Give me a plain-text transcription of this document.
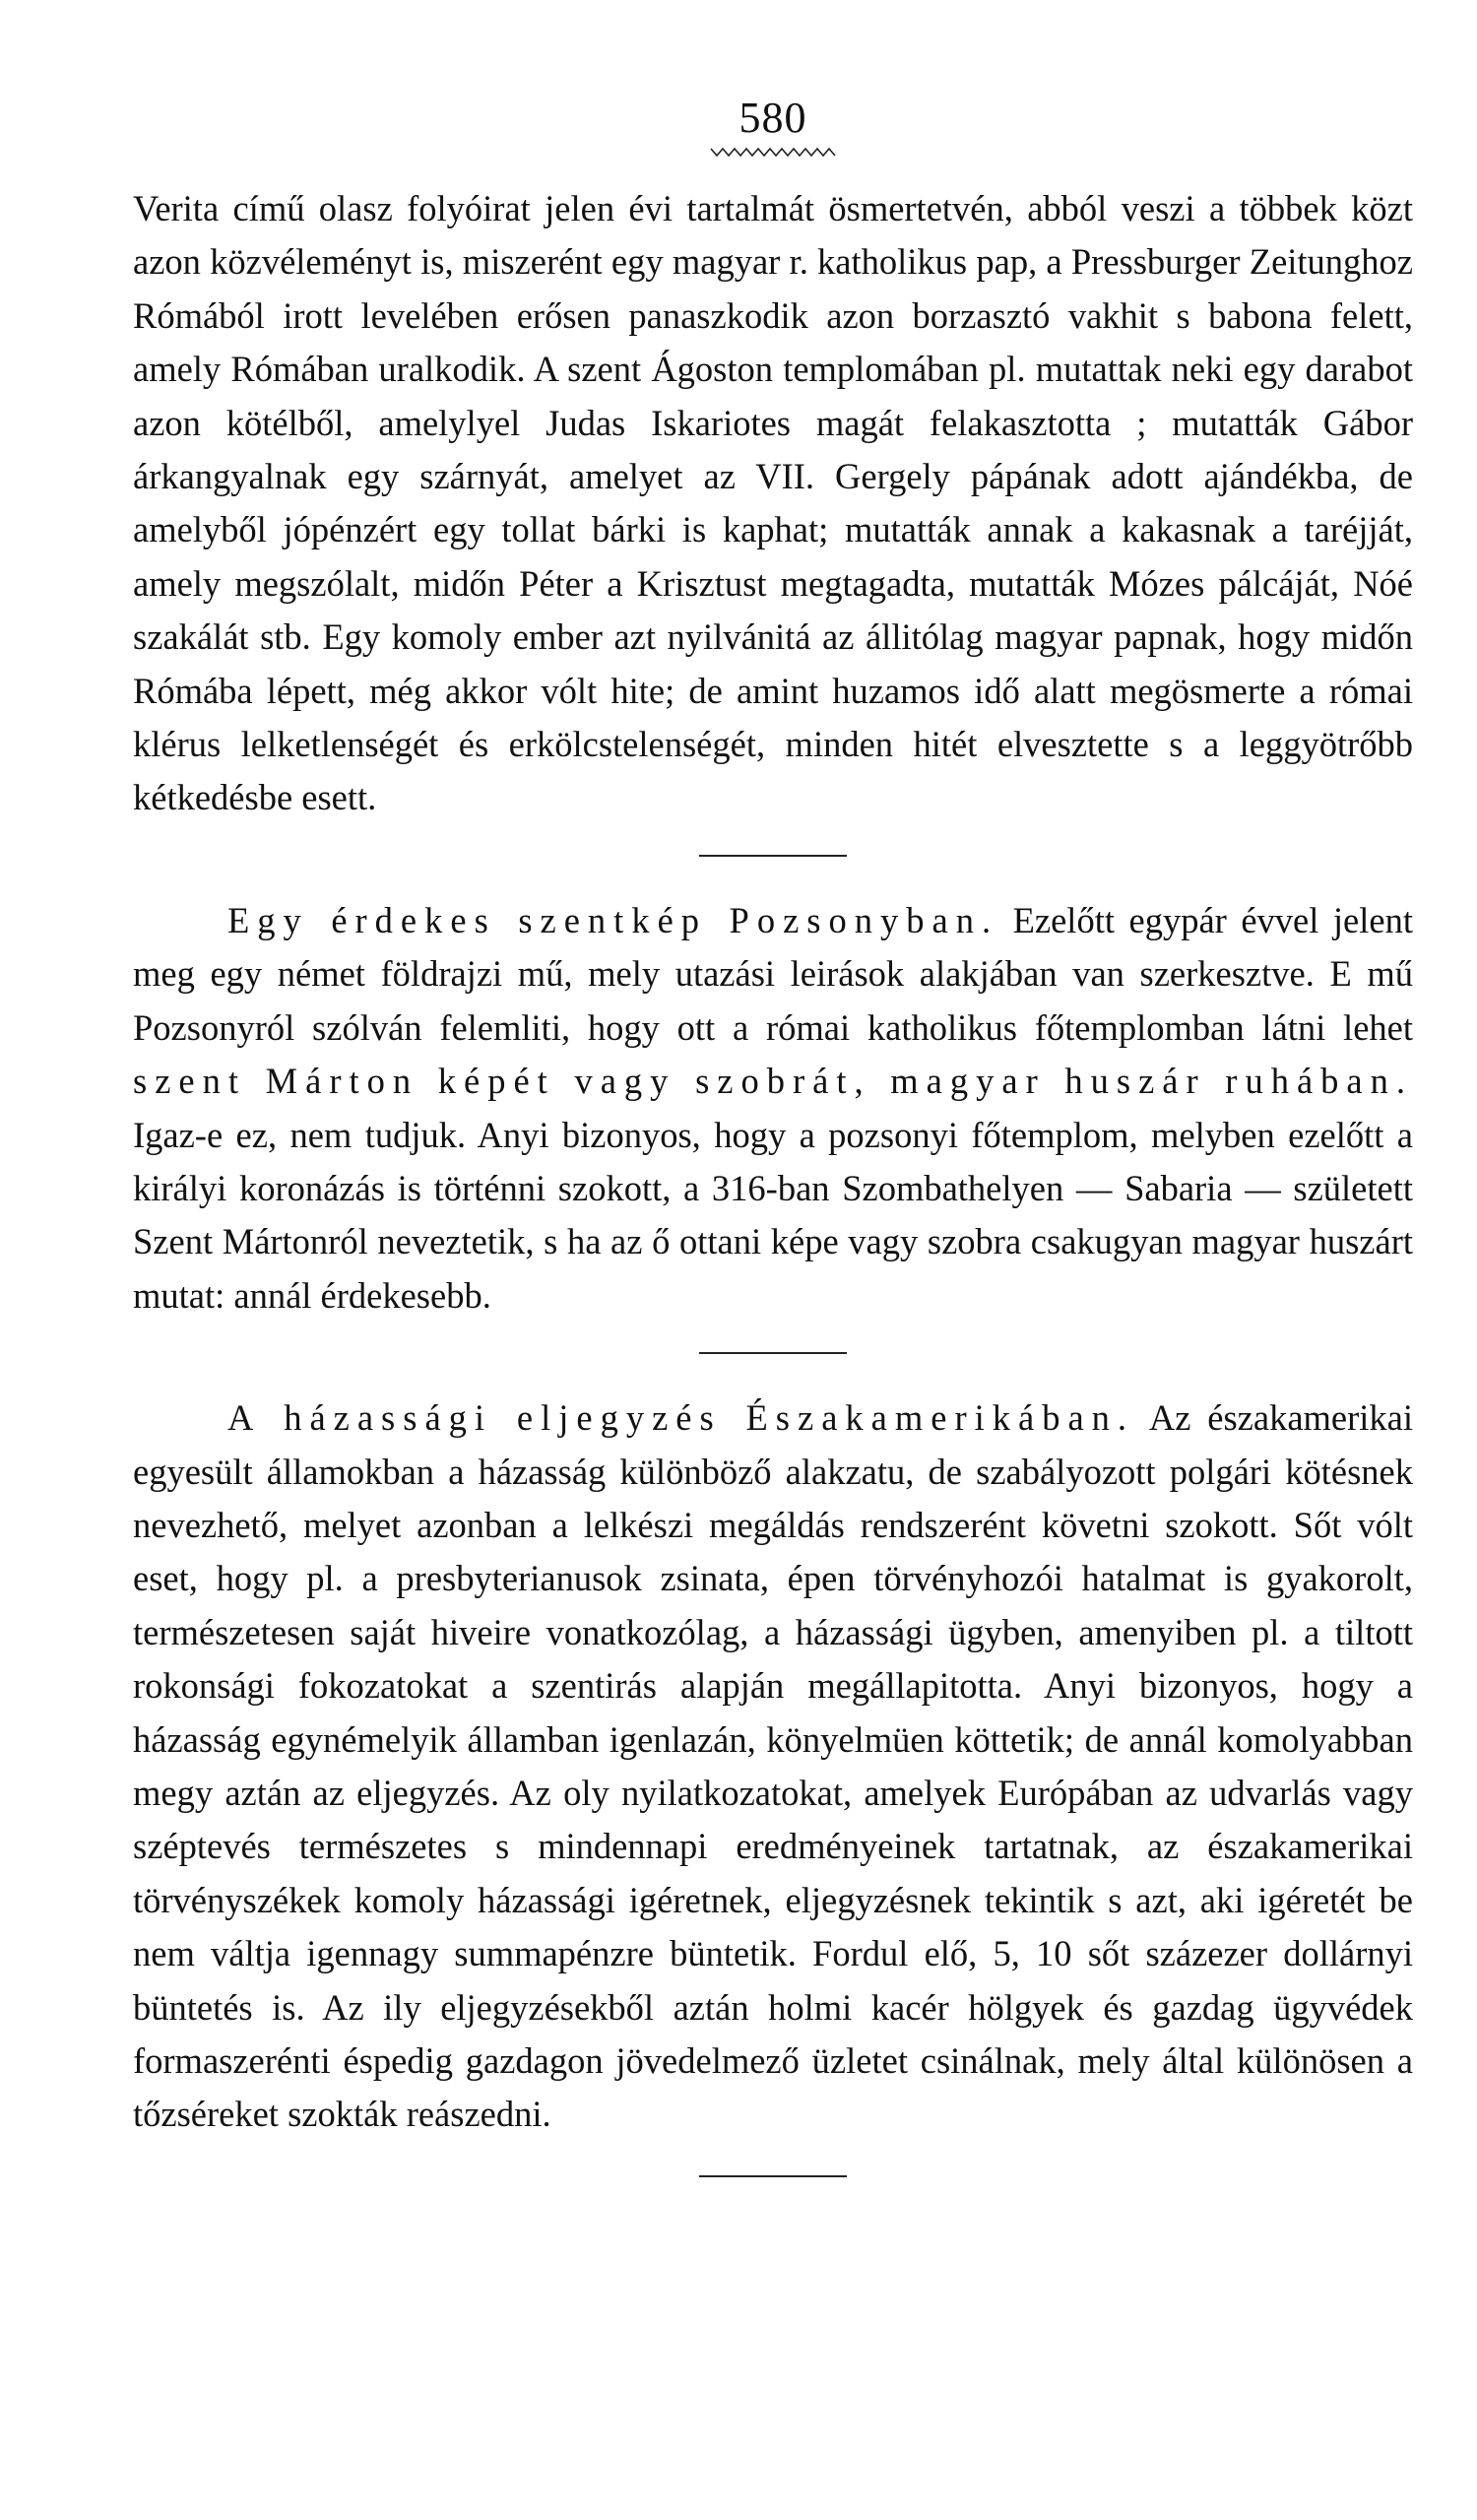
580

Verita című olasz folyóirat jelen évi tartalmát ösmertetvén, abból veszi a többek közt azon közvéleményt is, miszerént egy magyar r. katholikus pap, a Pressburger Zeitunghoz Rómából irott levelében erősen panaszkodik azon borzasztó vakhit s babona felett, amely Rómában uralkodik. A szent Ágoston templomában pl. mutattak neki egy darabot azon kötélből, amelylyel Judas Iskariotes magát felakasztotta ; mutatták Gábor árkangyalnak egy szárnyát, amelyet az VII. Gergely pápának adott ajándékba, de amelyből jópénzért egy tollat bárki is kaphat; mutatták annak a kakasnak a taréjját, amely megszólalt, midőn Péter a Krisztust megtagadta, mutatták Mózes pálcáját, Nóé szakálát stb. Egy komoly ember azt nyilvánitá az állitólag magyar papnak, hogy midőn Rómába lépett, még akkor vólt hite; de amint huzamos idő alatt megösmerte a római klérus lelketlenségét és erkölcstelenségét, minden hitét elvesztette s a leggyötrőbb kétkedésbe esett.

Egy érdekes szentkép Pozsonyban. Ezelőtt egypár évvel jelent meg egy német földrajzi mű, mely utazási leirások alakjában van szerkesztve. E mű Pozsonyról szólván felemliti, hogy ott a római katholikus főtemplomban látni lehet szent Márton képét vagy szobrát, magyar huszár ruhában. Igaz-e ez, nem tudjuk. Anyi bizonyos, hogy a pozsonyi főtemplom, melyben ezelőtt a királyi koronázás is történni szokott, a 316-ban Szombathelyen — Sabaria — született Szent Mártonról neveztetik, s ha az ő ottani képe vagy szobra csakugyan magyar huszárt mutat: annál érdekesebb.

A házassági eljegyzés Északamerikában. Az északamerikai egyesült államokban a házasság különböző alakzatu, de szabályozott polgári kötésnek nevezhető, melyet azonban a lelkészi megáldás rendszerént követni szokott. Sőt vólt eset, hogy pl. a presbyterianusok zsinata, épen törvényhozói hatalmat is gyakorolt, természetesen saját hiveire vonatkozólag, a házassági ügyben, amenyiben pl. a tiltott rokonsági fokozatokat a szentirás alapján megállapitotta. Anyi bizonyos, hogy a házasság egynémelyik államban igenlazán, könyelmüen köttetik; de annál komolyabban megy aztán az eljegyzés. Az oly nyilatkozatokat, amelyek Európában az udvarlás vagy széptevés természetes s mindennapi eredményeinek tartatnak, az északamerikai törvényszékek komoly házassági igéretnek, eljegyzésnek tekintik s azt, aki igéretét be nem váltja igennagy summapénzre büntetik. Fordul elő, 5, 10 sőt százezer dollárnyi büntetés is. Az ily eljegyzésekből aztán holmi kacér hölgyek és gazdag ügyvédek formaszerénti éspedig gazdagon jövedelmező üzletet csinálnak, mely által különösen a tőzséreket szokták reászedni.
